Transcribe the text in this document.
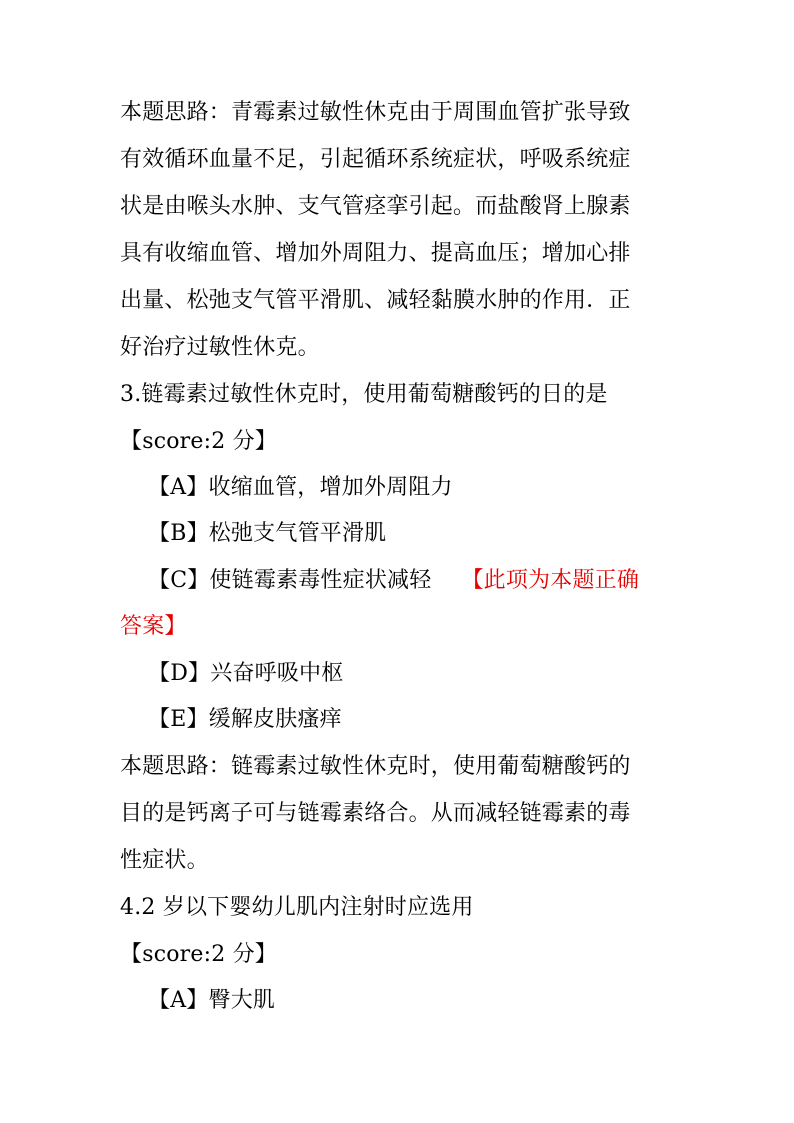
本题思路：青霉素过敏性休克由于周围血管扩张导致
有效循环血量不足，引起循环系统症状，呼吸系统症
状是由喉头水肿、支气管痉挛引起。而盐酸肾上腺素
具有收缩血管、增加外周阻力、提高血压；增加心排
出量、松弛支气管平滑肌、减轻黏膜水肿的作用．正
好治疗过敏性休克。
3.链霉素过敏性休克时，使用葡萄糖酸钙的日的是
【score:2 分】
【A】收缩血管，增加外周阻力
【B】松弛支气管平滑肌
【C】使链霉素毒性症状减轻 【此项为本题正确
答案】
【D】兴奋呼吸中枢
【E】缓解皮肤瘙痒
本题思路：链霉素过敏性休克时，使用葡萄糖酸钙的
目的是钙离子可与链霉素络合。从而减轻链霉素的毒
性症状。
4.2 岁以下婴幼儿肌内注射时应选用
【score:2 分】
【A】臀大肌
